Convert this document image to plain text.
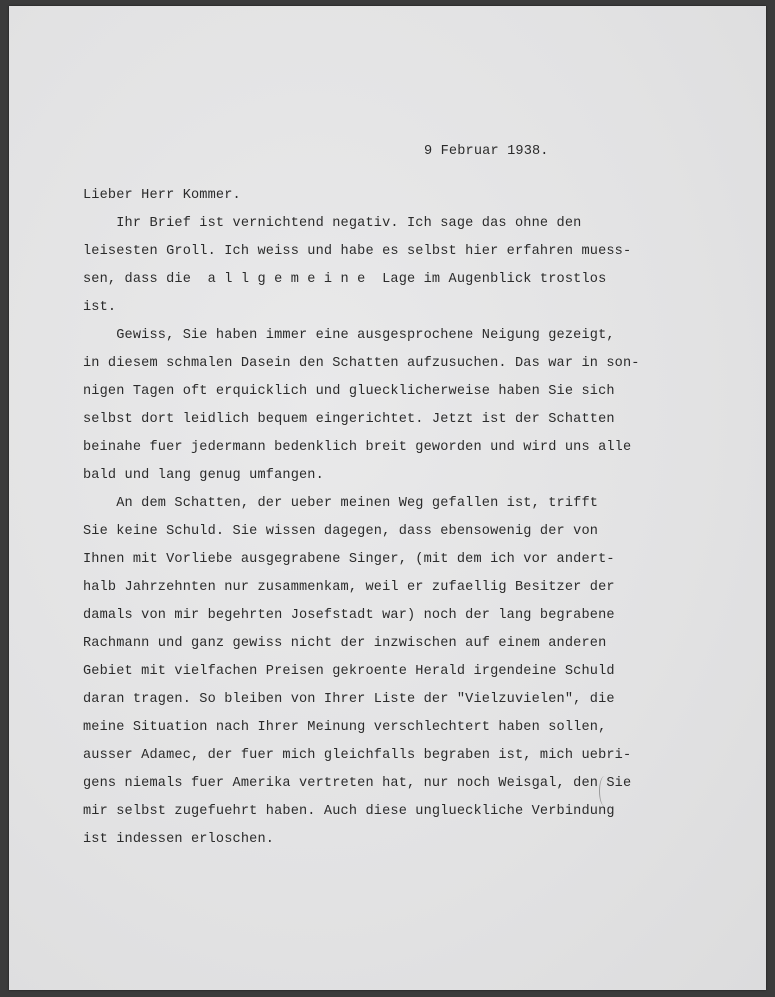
9 Februar 1938.
Lieber Herr Kommer.
Ihr Brief ist vernichtend negativ. Ich sage das ohne den
leisesten Groll. Ich weiss und habe es selbst hier erfahren muess-
sen, dass die  a l l g e m e i n e  Lage im Augenblick trostlos
ist.
Gewiss, Sie haben immer eine ausgesprochene Neigung gezeigt,
in diesem schmalen Dasein den Schatten aufzusuchen. Das war in son-
nigen Tagen oft erquicklich und gluecklicherweise haben Sie sich
selbst dort leidlich bequem eingerichtet. Jetzt ist der Schatten
beinahe fuer jedermann bedenklich breit geworden und wird uns alle
bald und lang genug umfangen.
An dem Schatten, der ueber meinen Weg gefallen ist, trifft
Sie keine Schuld. Sie wissen dagegen, dass ebensowenig der von
Ihnen mit Vorliebe ausgegrabene Singer, (mit dem ich vor andert-
halb Jahrzehnten nur zusammenkam, weil er zufaellig Besitzer der
damals von mir begehrten Josefstadt war) noch der lang begrabene
Rachmann und ganz gewiss nicht der inzwischen auf einem anderen
Gebiet mit vielfachen Preisen gekroente Herald irgendeine Schuld
daran tragen. So bleiben von Ihrer Liste der "Vielzuvielen", die
meine Situation nach Ihrer Meinung verschlechtert haben sollen,
ausser Adamec, der fuer mich gleichfalls begraben ist, mich uebri-
gens niemals fuer Amerika vertreten hat, nur noch Weisgal, den Sie
mir selbst zugefuehrt haben. Auch diese unglueckliche Verbindung
ist indessen erloschen.
